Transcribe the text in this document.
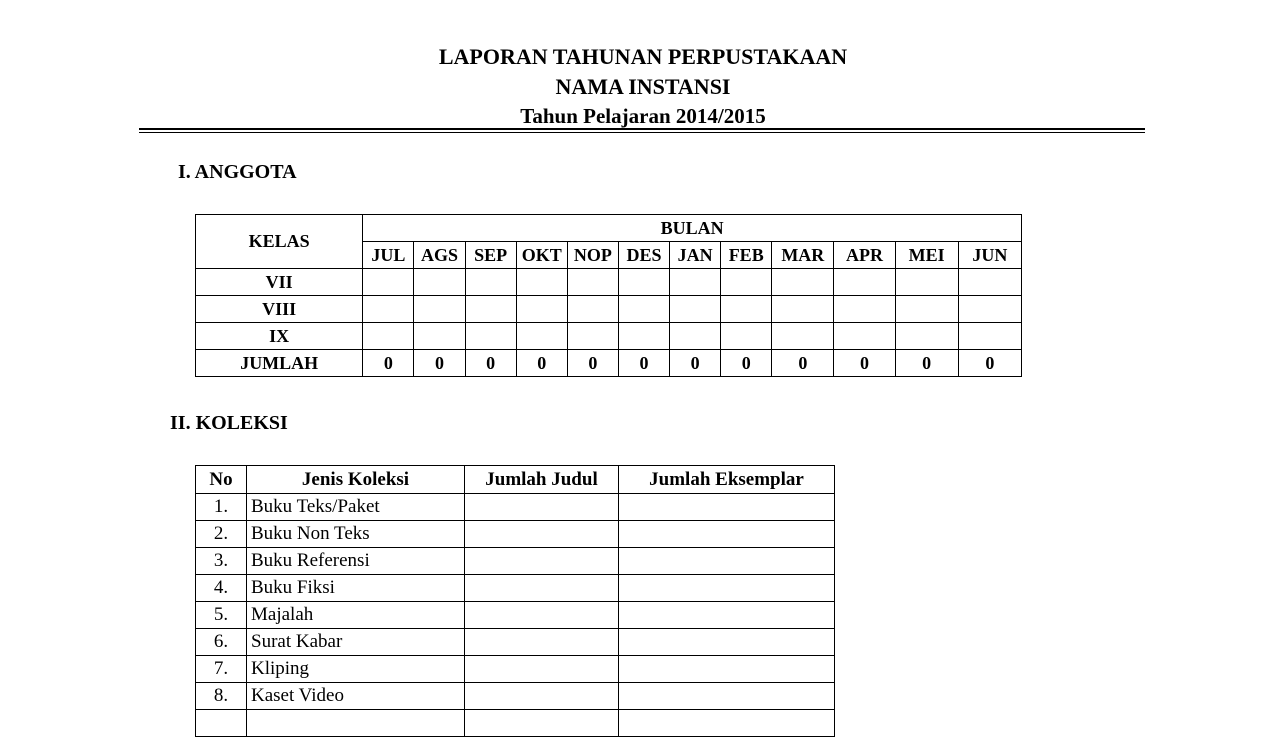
LAPORAN TAHUNAN PERPUSTAKAAN
NAMA INSTANSI
Tahun Pelajaran 2014/2015
I. ANGGOTA
KELAS	BULAN											
	JUL	AGS	SEP	OKT	NOP	DES	JAN	FEB	MAR	APR	MEI	JUN
VII												
VIII												
IX												
JUMLAH	0	0	0	0	0	0	0	0	0	0	0	0
II. KOLEKSI
No	Jenis Koleksi	Jumlah Judul	Jumlah Eksemplar
1.	Buku Teks/Paket		
2.	Buku Non Teks		
3.	Buku Referensi		
4.	Buku Fiksi		
5.	Majalah		
6.	Surat Kabar		
7.	Kliping		
8.	Kaset Video		
